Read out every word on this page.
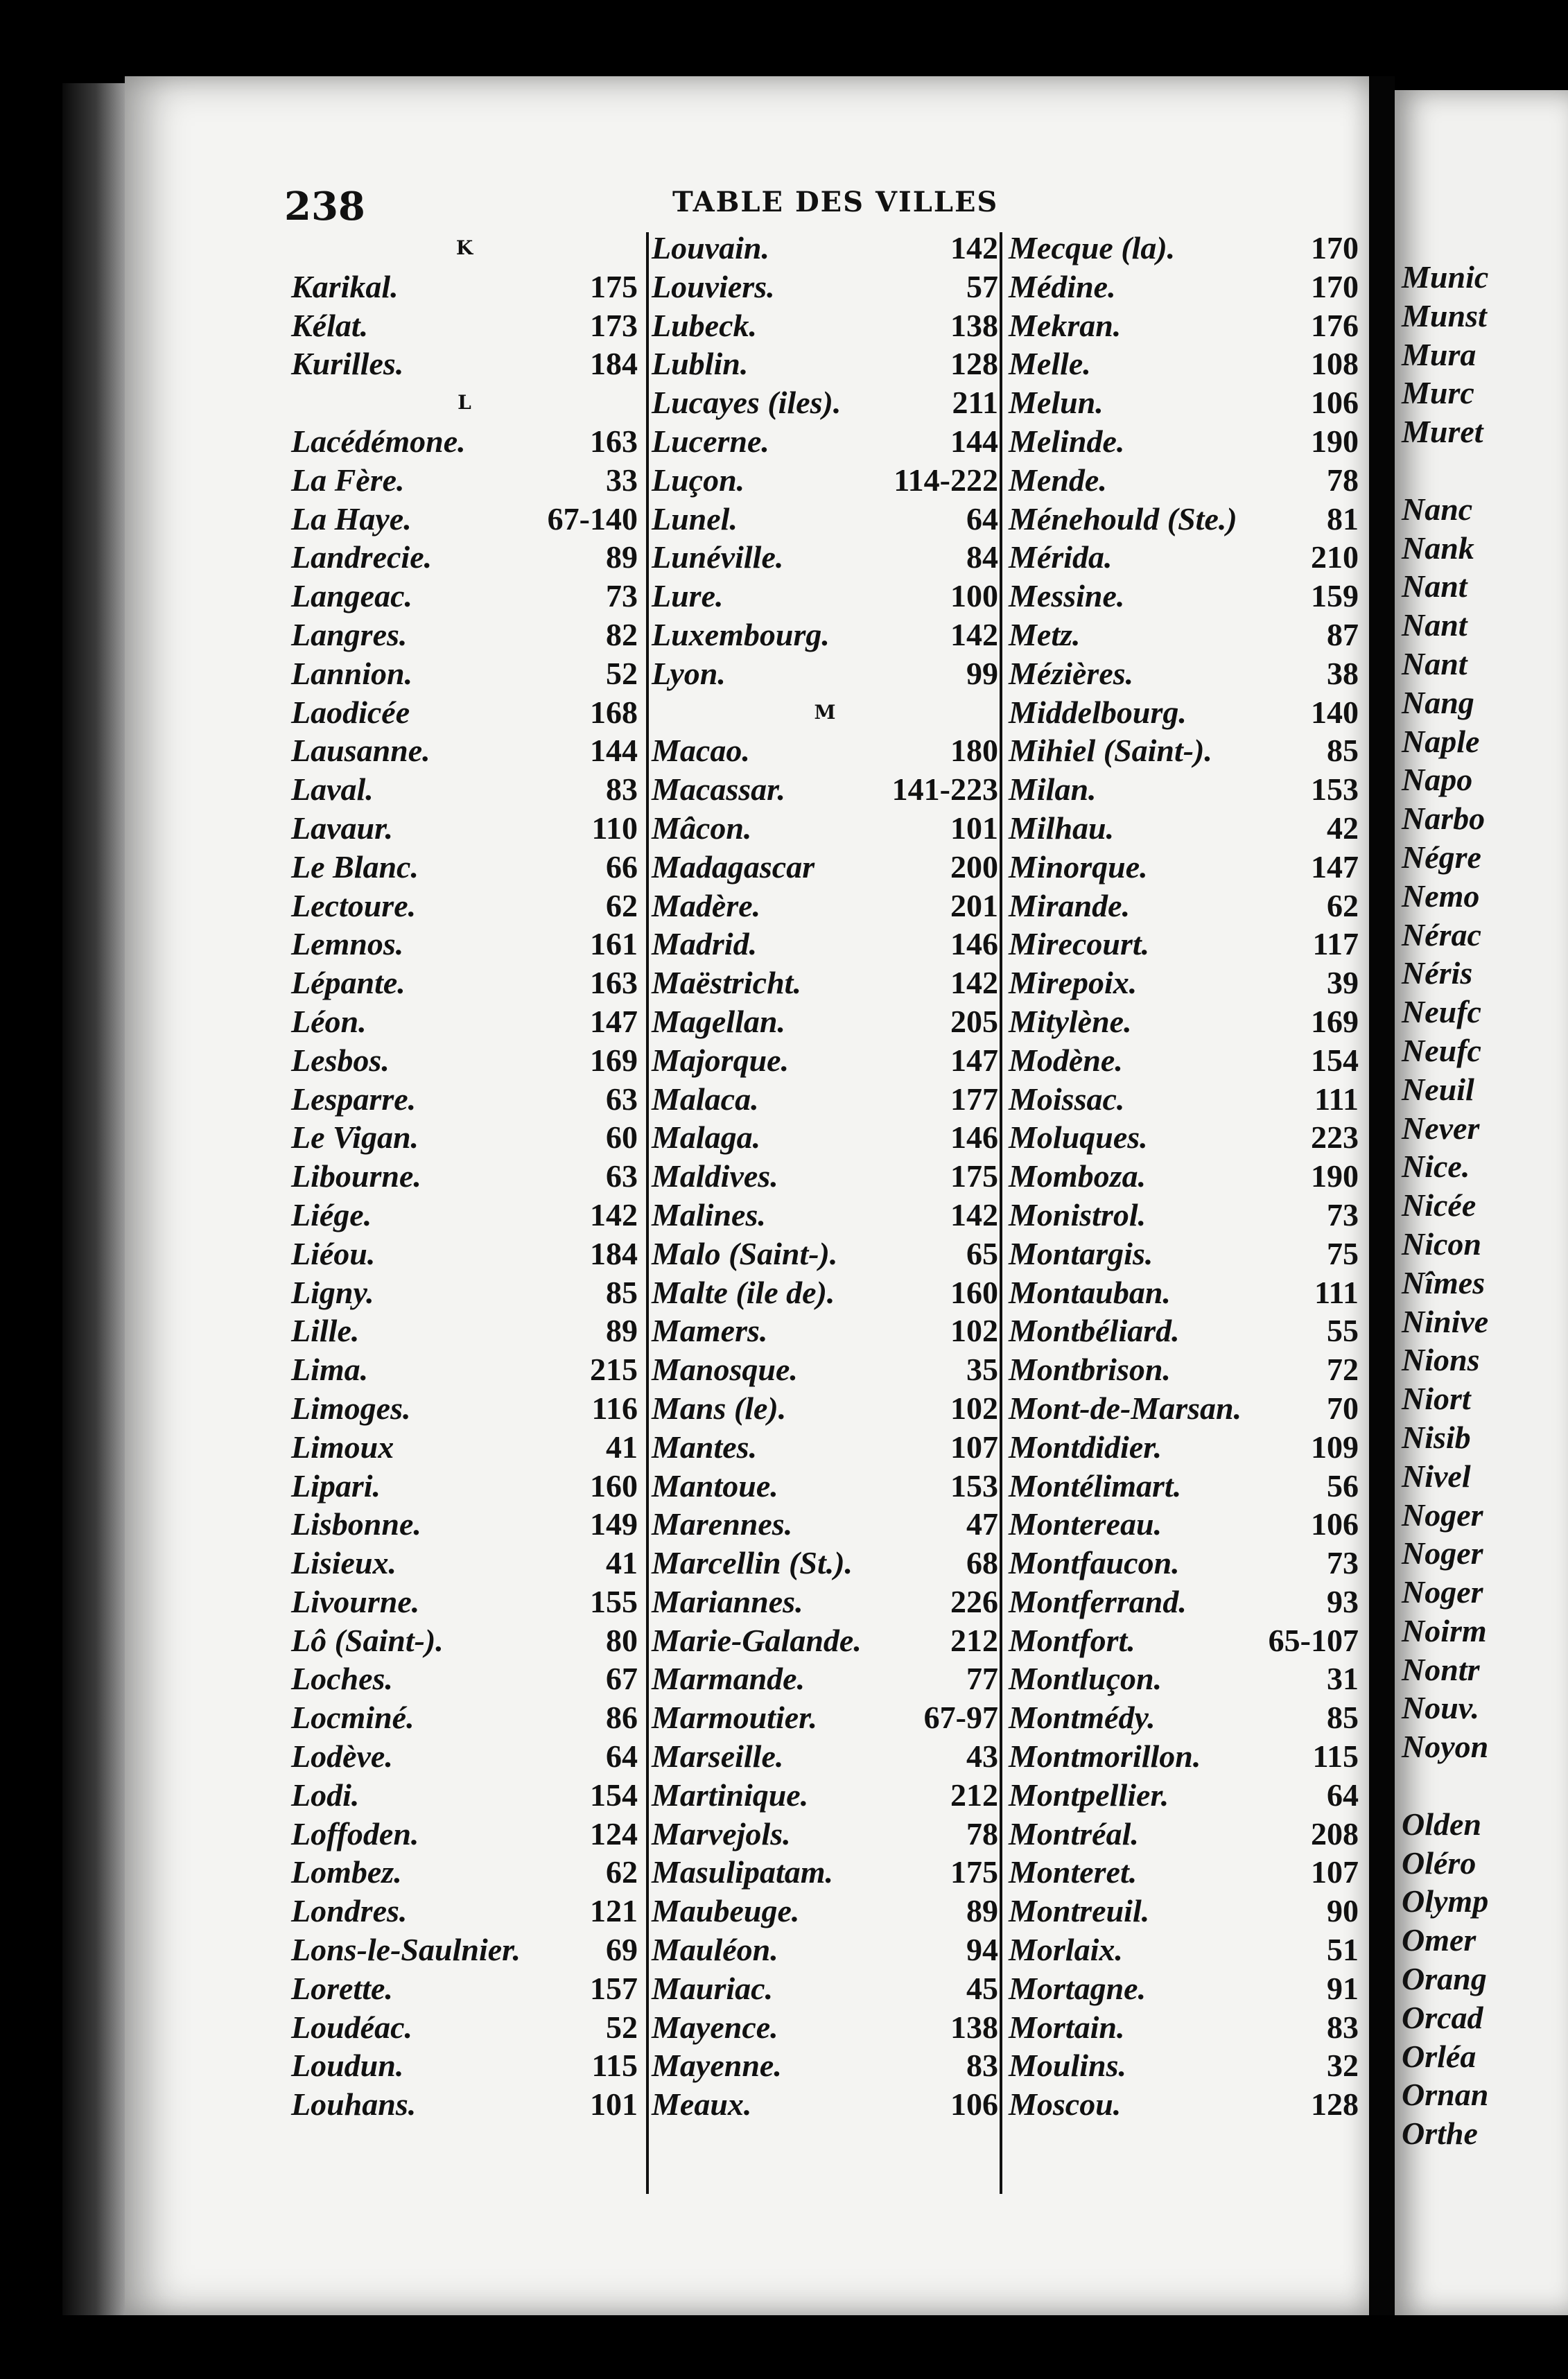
Munic
Munst
Mura
Murc
Muret
Nanc
Nank
Nant
Nant
Nant
Nang
Naple
Napo
Narbo
Négre
Nemo
Nérac
Néris
Neufc
Neufc
Neuil
Never
Nice.
Nicée
Nicon
Nîmes
Ninive
Nions
Niort
Nisib
Nivel
Noger
Noger
Noger
Noirm
Nontr
Nouv.
Noyon
Olden
Oléro
Olymp
Omer
Orang
Orcad
Orléa
Ornan
Orthe
238	TABLE DES VILLES
K
Karikal.	175
Kélat.	173
Kurilles.	184
L
Lacédémone.	163
La Fère.	33
La Haye.	67-140
Landrecie.	89
Langeac.	73
Langres.	82
Lannion.	52
Laodicée	168
Lausanne.	144
Laval.	83
Lavaur.	110
Le Blanc.	66
Lectoure.	62
Lemnos.	161
Lépante.	163
Léon.	147
Lesbos.	169
Lesparre.	63
Le Vigan.	60
Libourne.	63
Liége.	142
Liéou.	184
Ligny.	85
Lille.	89
Lima.	215
Limoges.	116
Limoux	41
Lipari.	160
Lisbonne.	149
Lisieux.	41
Livourne.	155
Lô (Saint-).	80
Loches.	67
Locminé.	86
Lodève.	64
Lodi.	154
Loffoden.	124
Lombez.	62
Londres.	121
Lons-le-Saulnier.	69
Lorette.	157
Loudéac.	52
Loudun.	115
Louhans.	101
Louvain.	142
Louviers.	57
Lubeck.	138
Lublin.	128
Lucayes (iles).	211
Lucerne.	144
Luçon.	114-222
Lunel.	64
Lunéville.	84
Lure.	100
Luxembourg.	142
Lyon.	99
M
Macao.	180
Macassar.	141-223
Mâcon.	101
Madagascar	200
Madère.	201
Madrid.	146
Maëstricht.	142
Magellan.	205
Majorque.	147
Malaca.	177
Malaga.	146
Maldives.	175
Malines.	142
Malo (Saint-).	65
Malte (ile de).	160
Mamers.	102
Manosque.	35
Mans (le).	102
Mantes.	107
Mantoue.	153
Marennes.	47
Marcellin (St.).	68
Mariannes.	226
Marie-Galande.	212
Marmande.	77
Marmoutier.	67-97
Marseille.	43
Martinique.	212
Marvejols.	78
Masulipatam.	175
Maubeuge.	89
Mauléon.	94
Mauriac.	45
Mayence.	138
Mayenne.	83
Meaux.	106
Mecque (la).	170
Médine.	170
Mekran.	176
Melle.	108
Melun.	106
Melinde.	190
Mende.	78
Ménehould (Ste.)	81
Mérida.	210
Messine.	159
Metz.	87
Mézières.	38
Middelbourg.	140
Mihiel (Saint-).	85
Milan.	153
Milhau.	42
Minorque.	147
Mirande.	62
Mirecourt.	117
Mirepoix.	39
Mitylène.	169
Modène.	154
Moissac.	111
Moluques.	223
Momboza.	190
Monistrol.	73
Montargis.	75
Montauban.	111
Montbéliard.	55
Montbrison.	72
Mont-de-Marsan.	70
Montdidier.	109
Montélimart.	56
Montereau.	106
Montfaucon.	73
Montferrand.	93
Montfort.	65-107
Montluçon.	31
Montmédy.	85
Montmorillon.	115
Montpellier.	64
Montréal.	208
Monteret.	107
Montreuil.	90
Morlaix.	51
Mortagne.	91
Mortain.	83
Moulins.	32
Moscou.	128
